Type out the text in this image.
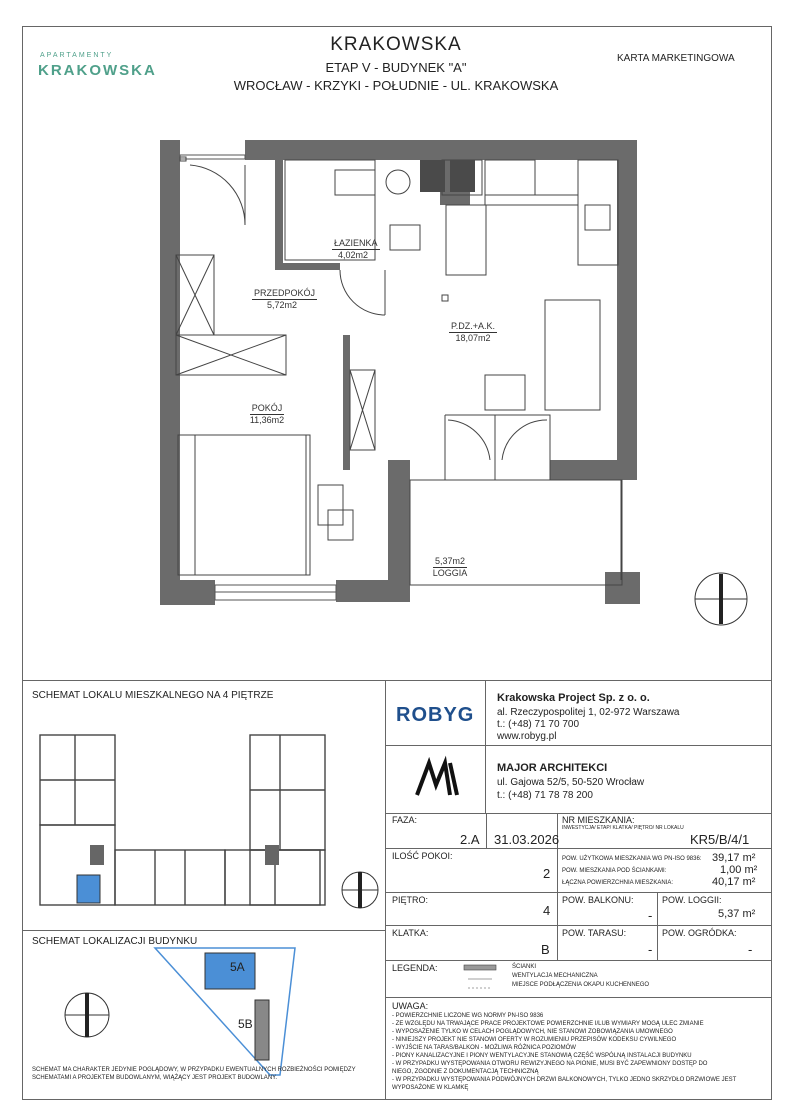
APARTAMENTY
KRAKOWSKA
KRAKOWSKA
ETAP V - BUDYNEK "A"
WROCŁAW - KRZYKI - POŁUDNIE - UL. KRAKOWSKA
KARTA MARKETINGOWA
ŁAZIENKA
4,02m2
PRZEDPOKÓJ
5,72m2
P.DZ.+A.K.
18,07m2
POKÓJ
11,36m2
5,37m2
LOGGIA
SCHEMAT LOKALU MIESZKALNEGO NA 4 PIĘTRZE
SCHEMAT LOKALIZACJI BUDYNKU
5A
5B
SCHEMAT MA CHARAKTER JEDYNIE POGLĄDOWY, W PRZYPADKU EWENTUALNYCH ROZBIEŻNOŚCI POMIĘDZY SCHEMATAMI A PROJEKTEM BUDOWLANYM, WIĄŻĄCY JEST PROJEKT BUDOWLANY.
ROBYG
Krakowska Project Sp. z o. o.
al. Rzeczypospolitej 1, 02-972 Warszawa
t.: (+48) 71 70 700
www.robyg.pl
MAJOR ARCHITEKCI
ul. Gajowa 52/5, 50-520 Wrocław
t.: (+48) 71 78 78 200
FAZA:
2.A 31.03.2026
NR MIESZKANIA:
INWESTYCJA/ ETAP/ KLATKA/ PIĘTRO/ NR LOKALU
KR5/B/4/1
ILOŚĆ POKOI:
2
POW. UŻYTKOWA MIESZKANIA WG PN-ISO 9836: 39,17 m²
POW. MIESZKANIA POD ŚCIANKAMI:	1,00 m²
ŁĄCZNA POWIERZCHNIA MIESZKANIA:	40,17 m²
PIĘTRO:
4
POW. BALKONU:
-
POW. LOGGII:
5,37 m²
KLATKA:
B
POW. TARASU:
-
POW. OGRÓDKA:
-
LEGENDA:	ŚCIANKI
WENTYLACJA MECHANICZNA
MIEJSCE PODŁĄCZENIA OKAPU KUCHENNEGO
UWAGA:
- POWIERZCHNIE LICZONE WG NORMY PN-ISO 9836
- ZE WZGLĘDU NA TRWAJĄCE PRACE PROJEKTOWE POWIERZCHNIE I/LUB WYMIARY MOGĄ ULEC ZMIANIE
- WYPOSAŻENIE TYLKO W CELACH POGLĄDOWYCH, NIE STANOWI ZOBOWIĄZANIA UMOWNEGO
- NINIEJSZY PROJEKT NIE STANOWI OFERTY W ROZUMIENIU PRZEPISÓW KODEKSU CYWILNEGO
- WYJŚCIE NA TARAS/BALKON - MOŻLIWA RÓŻNICA POZIOMÓW
- PIONY KANALIZACYJNE I PIONY WENTYLACYJNE STANOWIĄ CZĘŚĆ WSPÓLNĄ INSTALACJI BUDYNKU
- W PRZYPADKU WYSTĘPOWANIA OTWORU REWIZYJNEGO NA PIONIE, MUSI BYĆ ZAPEWNIONY DOSTĘP DO
NIEGO, ZGODNIE Z DOKUMENTACJĄ TECHNICZNĄ
- W PRZYPADKU WYSTĘPOWANIA PODWÓJNYCH DRZWI BALKONOWYCH, TYLKO JEDNO SKRZYDŁO DRZWIOWE JEST
WYPOSAŻONE W KLAMKĘ
